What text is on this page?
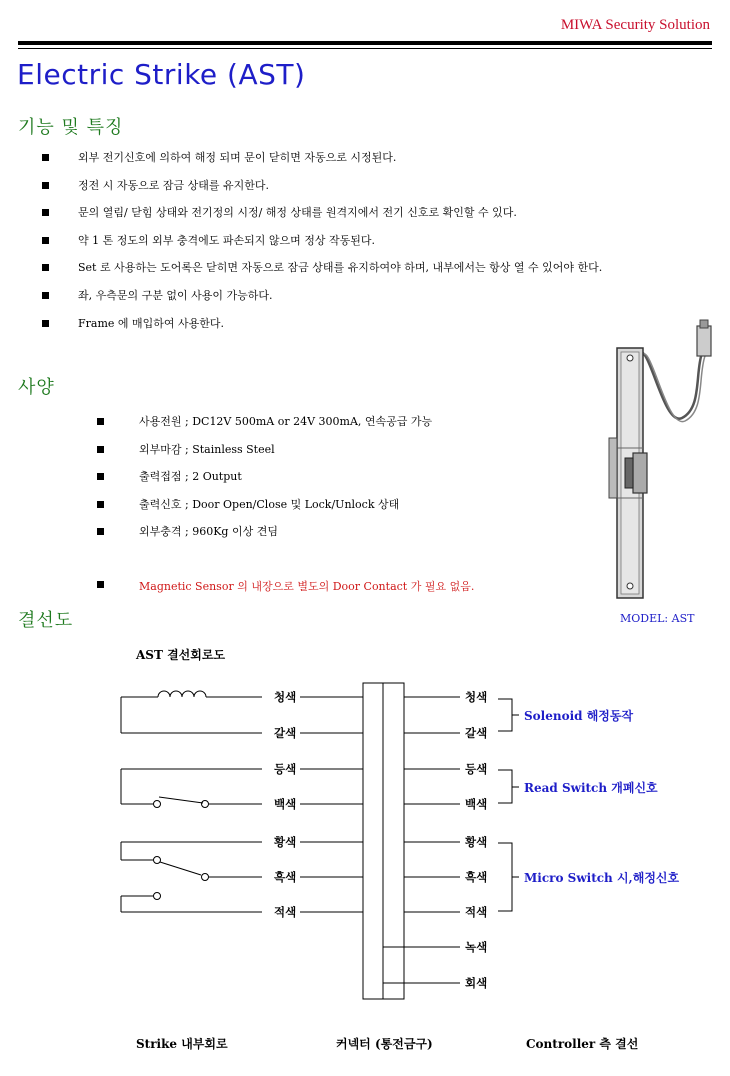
MIWA Security Solution
Electric Strike (AST)
기능 및 특징
외부 전기신호에 의하여 해정 되며 문이 닫히면 자동으로 시정된다.
정전 시 자동으로 잠금 상태를 유지한다.
문의 열림/ 닫힘 상태와 전기정의 시정/ 해정 상태를 원격지에서 전기 신호로 확인할 수 있다.
약 1 톤 정도의 외부 충격에도 파손되지 않으며 정상 작동된다.
Set 로 사용하는 도어록은 닫히면 자동으로 잠금 상태를 유지하여야 하며, 내부에서는 항상 열 수 있어야 한다.
좌, 우측문의 구분 없이 사용이 가능하다.
Frame 에 매입하여 사용한다.
사양
사용전원 ; DC12V 500mA or 24V 300mA, 연속공급 가능
외부마감 ; Stainless Steel
출력접점 ; 2 Output
출력신호 ; Door Open/Close 및 Lock/Unlock 상태
외부충격 ; 960Kg 이상 견딤
Magnetic Sensor 의 내장으로 별도의 Door Contact 가 필요 없음.
결선도	MODEL: AST
AST 결선회로도
청색
갈색
등색
백색
황색
흑색
적색
청색
갈색
등색
백색
황색
흑색
적색
녹색
회색
Solenoid 해정동작
Read Switch 개폐신호
Micro Switch 시,해정신호
Strike 내부회로	커넥터 (통전금구)	Controller 측 결선
